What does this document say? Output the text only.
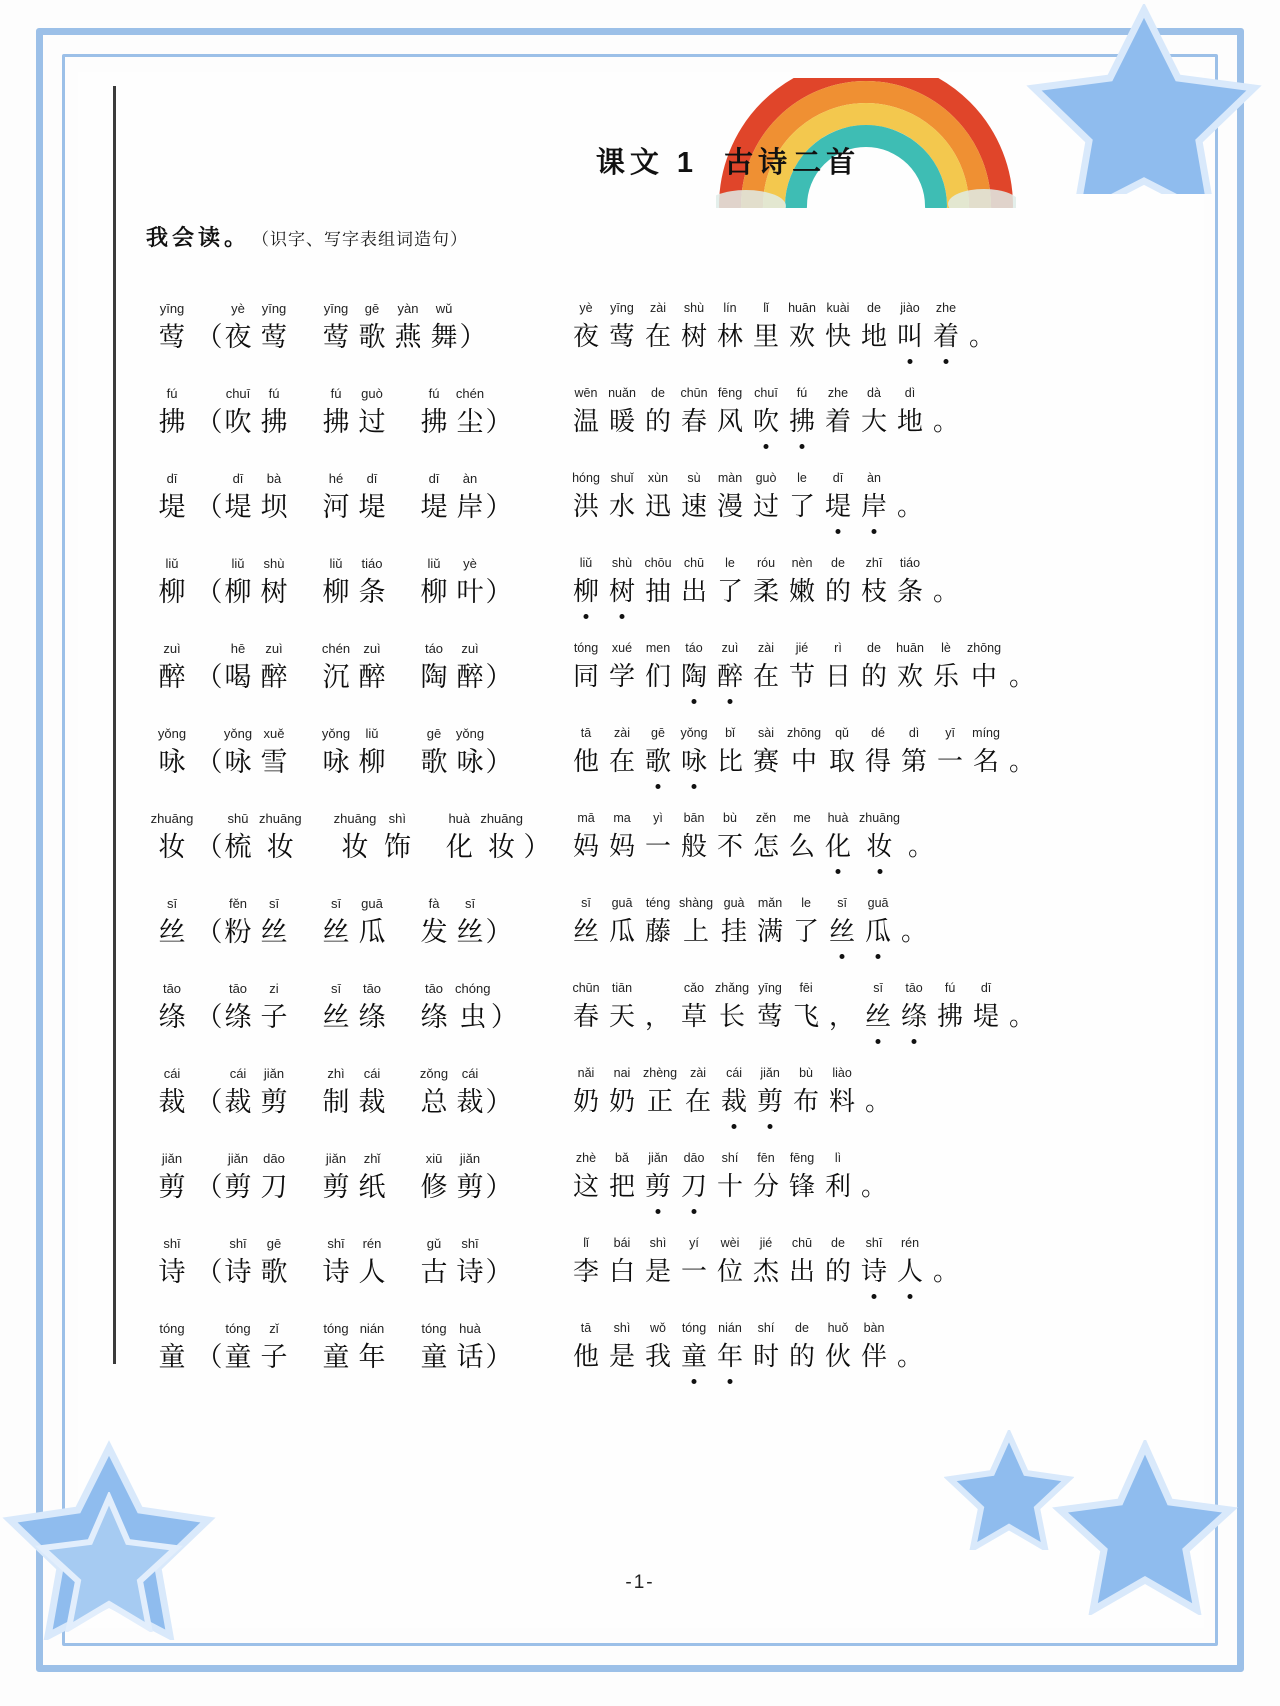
课文 1  古诗二首
我会读。 （识字、写字表组词造句）
yīng
莺 （
yè
夜
yīng
莺
yīng
莺
gē
歌
yàn
燕
wǔ
舞 ）
yè
夜
yīng
莺
zài
在
shù
树
lín
林
lǐ
里
huān
欢
kuài
快
de
地
jiào
叫
zhe
着 。
fú
拂 （
chuī
吹
fú
拂
fú
拂
guò
过
fú
拂
chén
尘 ）
wēn
温
nuǎn
暖
de
的
chūn
春
fēng
风
chuī
吹
fú
拂
zhe
着
dà
大
dì
地 。
dī
堤 （
dī
堤
bà
坝
hé
河
dī
堤
dī
堤
àn
岸 ）
hóng
洪
shuǐ
水
xùn
迅
sù
速
màn
漫
guò
过
le
了
dī
堤
àn
岸 。
liǔ
柳 （
liǔ
柳
shù
树
liǔ
柳
tiáo
条
liǔ
柳
yè
叶 ）
liǔ
柳
shù
树
chōu
抽
chū
出
le
了
róu
柔
nèn
嫩
de
的
zhī
枝
tiáo
条 。
zuì
醉 （
hē
喝
zuì
醉
chén
沉
zuì
醉
táo
陶
zuì
醉 ）
tóng
同
xué
学
men
们
táo
陶
zuì
醉
zài
在
jié
节
rì
日
de
的
huān
欢
lè
乐
zhōng
中 。
yǒng
咏 （
yǒng
咏
xuě
雪
yǒng
咏
liǔ
柳
gē
歌
yǒng
咏 ）
tā
他
zài
在
gē
歌
yǒng
咏
bǐ
比
sài
赛
zhōng
中
qǔ
取
dé
得
dì
第
yī
一
míng
名 。
zhuāng
妆 （
shū
梳
zhuāng
妆
zhuāng
妆
shì
饰
huà
化
zhuāng
妆 ）
mā
妈
ma
妈
yì
一
bān
般
bù
不
zěn
怎
me
么
huà
化
zhuāng
妆 。
sī
丝 （
fěn
粉
sī
丝
sī
丝
guā
瓜
fà
发
sī
丝 ）
sī
丝
guā
瓜
téng
藤
shàng
上
guà
挂
mǎn
满
le
了
sī
丝
guā
瓜 。
tāo
绦 （
tāo
绦
zi
子
sī
丝
tāo
绦
tāo
绦
chóng
虫 ）
chūn
春
tiān
天 ，
cǎo
草
zhǎng
长
yīng
莺
fēi
飞 ，
sī
丝
tāo
绦
fú
拂
dī
堤 。
cái
裁 （
cái
裁
jiǎn
剪
zhì
制
cái
裁
zǒng
总
cái
裁 ）
nǎi
奶
nai
奶
zhèng
正
zài
在
cái
裁
jiǎn
剪
bù
布
liào
料 。
jiǎn
剪 （
jiǎn
剪
dāo
刀
jiǎn
剪
zhǐ
纸
xiū
修
jiǎn
剪 ）
zhè
这
bǎ
把
jiǎn
剪
dāo
刀
shí
十
fēn
分
fēng
锋
lì
利 。
shī
诗 （
shī
诗
gē
歌
shī
诗
rén
人
gǔ
古
shī
诗 ）
lǐ
李
bái
白
shì
是
yí
一
wèi
位
jié
杰
chū
出
de
的
shī
诗
rén
人 。
tóng
童 （
tóng
童
zǐ
子
tóng
童
nián
年
tóng
童
huà
话 ）
tā
他
shì
是
wǒ
我
tóng
童
nián
年
shí
时
de
的
huǒ
伙
bàn
伴 。
-1-
